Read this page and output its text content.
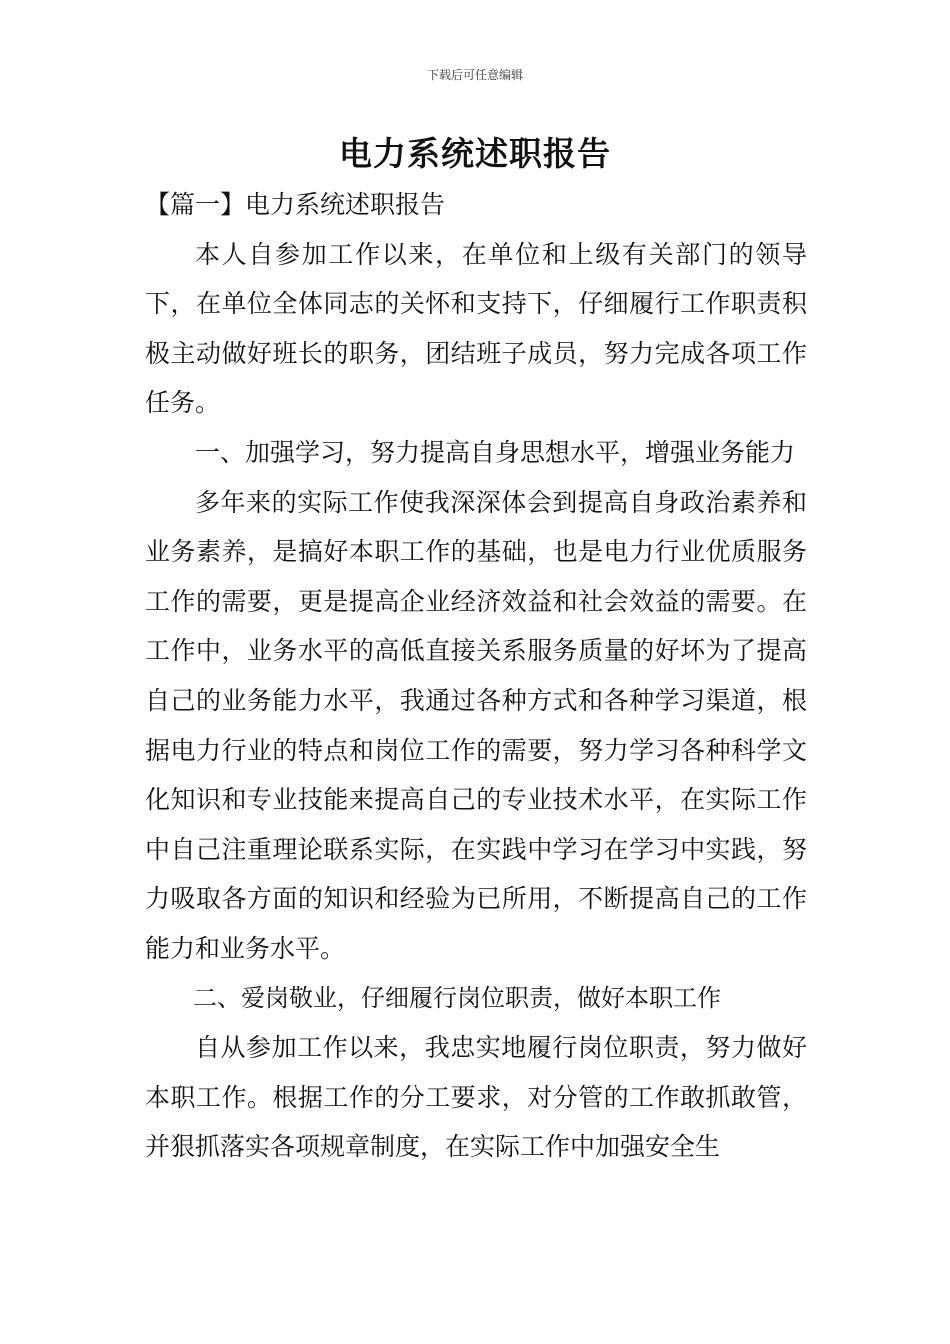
下载后可任意编辑
电力系统述职报告

【篇一】电力系统述职报告

本人自参加工作以来，在单位和上级有关部门的领导下，在单位全体同志的关怀和支持下，仔细履行工作职责积极主动做好班长的职务，团结班子成员，努力完成各项工作任务。

一、加强学习，努力提高自身思想水平，增强业务能力

多年来的实际工作使我深深体会到提高自身政治素养和业务素养，是搞好本职工作的基础，也是电力行业优质服务工作的需要，更是提高企业经济效益和社会效益的需要。在工作中，业务水平的高低直接关系服务质量的好坏为了提高自己的业务能力水平，我通过各种方式和各种学习渠道，根据电力行业的特点和岗位工作的需要，努力学习各种科学文化知识和专业技能来提高自己的专业技术水平，在实际工作中自己注重理论联系实际，在实践中学习在学习中实践，努力吸取各方面的知识和经验为已所用，不断提高自己的工作能力和业务水平。

二、爱岗敬业，仔细履行岗位职责，做好本职工作

自从参加工作以来，我忠实地履行岗位职责，努力做好本职工作。根据工作的分工要求，对分管的工作敢抓敢管，并狠抓落实各项规章制度，在实际工作中加强安全生
